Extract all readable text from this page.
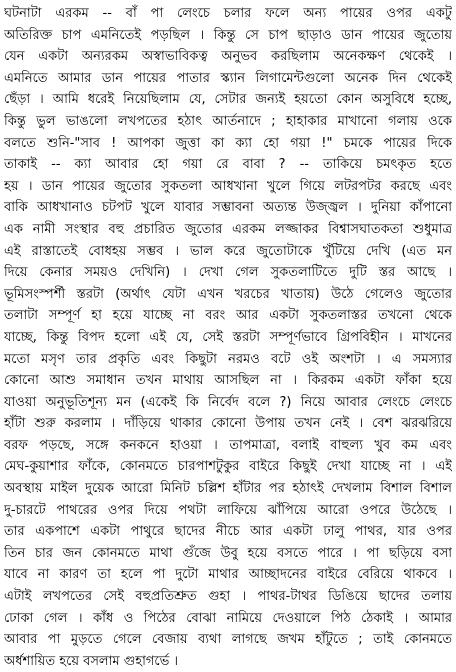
ঘটনাটা এরকম -- বাঁ পা লেংচে চলার ফলে অন্য পায়ের ওপর একটু
অতিরিক্ত চাপ এমনিতেই পড়ছিল । কিন্তু সে চাপ ছাড়াও ডান পায়ের জুতোয়
যেন একটা অন্যরকম অস্বাভাবিকত্ব অনুভব করছিলাম অনেকক্ষণ থেকেই ।
এমনিতে আমার ডান পায়ের পাতার স্ক্যান লিগামেন্টগুলো অনেক দিন থেকেই
ছেঁড়া । আমি ধরেই নিয়েছিলাম যে, সেটার জন্যই হয়তো কোন অসুবিধে হচ্ছে,
কিন্তু ভুল ভাঙলো লখপতের হঠাৎ আর্তনাদে ; হাহাকার মাখানো গলায় ওকে
বলতে শুনি-"সাব ! আপকা জুত্তা কা ক্যা হো গয়া !" চমকে পায়ের দিকে
তাকাই -- ক্যা আবার হো গয়া রে বাবা ? -- তাকিয়ে চমৎকৃত হতে
হয় । ডান পায়ের জুতোর সুকতলা আধখানা খুলে গিয়ে লটরপটর করছে এবং
বাকি আধখানাও চটপট খুলে যাবার সম্ভাবনা অত্যন্ত উজ্জ্বল । দুনিয়া কাঁপানো
এক নামী সংস্থার বহু প্রচারিত জুতোর এরকম লজ্জাকর বিশ্বাসঘাতকতা শুধুমাত্র
এই রাস্তাতেই বোধহয় সম্ভব । ভাল করে জুতোটাকে খুঁটিয়ে দেখি (এত মন
দিয়ে কেনার সময়ও দেখিনি) । দেখা গেল সুকতলাটিতে দুটি স্তর আছে ।
ভূমিসংস্পর্শী স্তরটা (অর্থাৎ যেটা এখন খরচের খাতায়) উঠে গেলেও জুতোর
তলাটা সম্পূর্ণ হা হয়ে যাচ্ছে না বরং আর একটা সুকতলাস্তর তখনো থেকে
যাচ্ছে, কিন্তু বিপদ হলো এই যে, সেই স্তরটা সম্পূর্ণভাবে গ্রিপবিহীন । মাখনের
মতো মসৃণ তার প্রকৃতি এবং কিছুটা নরমও বটে ওই অংশটা । এ সমস্যার
কোনো আশু সমাধান তখন মাথায় আসছিল না । কিরকম একটা ফাঁকা হয়ে
যাওয়া অনুভূতিশূন্য মন (একেই কি নির্বেদ বলে ?) নিয়ে আবার লেংচে লেংচে
হাঁটা শুরু করলাম । দাঁড়িয়ে থাকার কোনো উপায় তখন নেই । বেশ ঝরঝরিয়ে
বরফ পড়ছে, সঙ্গে কনকনে হাওয়া । তাপমাত্রা, বলাই বাহুল্য খুব কম এবং
মেঘ-কুয়াশার ফাঁকে, কোনমতে চারপাশটুকুর বাইরে কিছুই দেখা যাচ্ছে না । এই
অবস্থায় মাইল দুয়েক আরো মিনিট চল্লিশ হাঁটার পর হঠাৎই দেখলাম বিশাল বিশাল
দু-চারটে পাথরের ওপর দিয়ে পথটা লাফিয়ে ঝাঁপিয়ে আরো ওপরে উঠেছে ।
তার একপাশে একটা পাথুরে ছাদের নীচে আর একটা ঢালু পাথর, যার ওপর
তিন চার জন কোনমতে মাথা গুঁজে উবু হয়ে বসতে পারে । পা ছড়িয়ে বসা
যাবে না কারণ তা হলে পা দুটো মাথার আচ্ছাদনের বাইরে বেরিয়ে থাকবে ।
এটাই লখপতের সেই বহুপ্রতিশ্রুত গুহা । পাথর-টাথর ডিঙিয়ে ছাদের তলায়
ঢোকা গেল । কাঁধ ও পিঠের বোঝা নামিয়ে দেওয়ালে পিঠ ঠেকাই । আমার
আবার পা মুড়তে গেলে বেজায় ব্যথা লাগছে জখম হাঁটুতে ; তাই কোনমতে
অর্ধশায়িত হয়ে বসলাম গুহাগর্ভে ।
